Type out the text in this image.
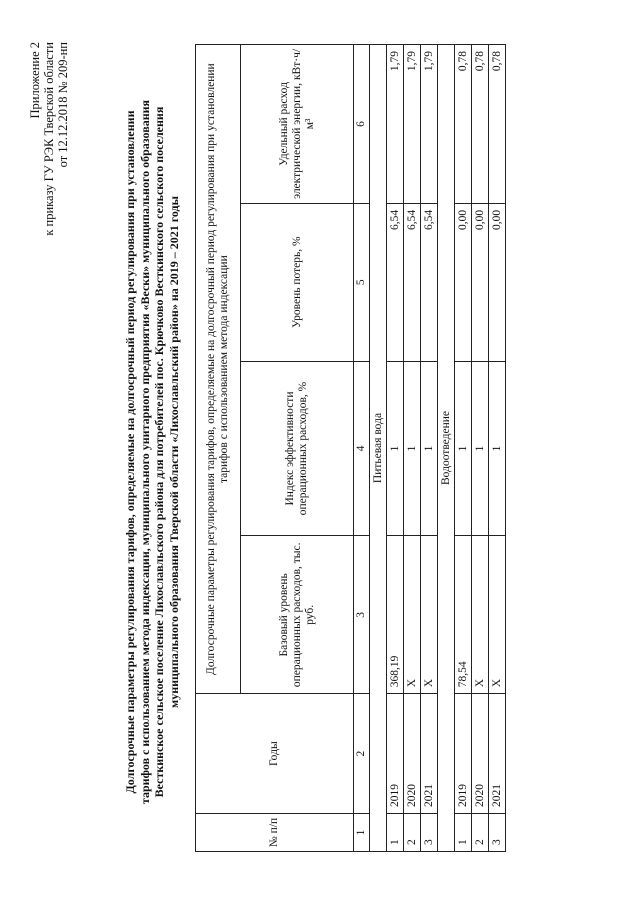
Приложение 2 к приказу ГУ РЭК Тверской области от 12.12.2018 № 209-нп
Долгосрочные параметры регулирования тарифов, определяемые на долгосрочный период регулирования при установлении тарифов с использованием метода индексации, муниципального унитарного предприятия «Вески» муниципального образования Весткинское сельское поселение Лихославльского района для потребителей пос. Крючково Весткинского сельского поселения муниципального образования Тверской области «Лихославльский район» на 2019 – 2021 годы
№ п/п	Годы	Долгосрочные параметры регулирования тарифов, определяемые на долгосрочный период регулирования при установлении тарифов с использованием метода индексации			
		Базовый уровень операционных расходов, тыс. руб.	Индекс эффективности операционных расходов, %	Уровень потерь, %	Удельный расход электрической энергии, кВт·ч/м³
1	2	3	4	5	6
Питьевая вода					
1	2019	368,19	1	6,54	1,79
2	2020	Х	1	6,54	1,79
3	2021	Х	1	6,54	1,79
Водоотведение					
1	2019	78,54	1	0,00	0,78
2	2020	Х	1	0,00	0,78
3	2021	Х	1	0,00	0,78
